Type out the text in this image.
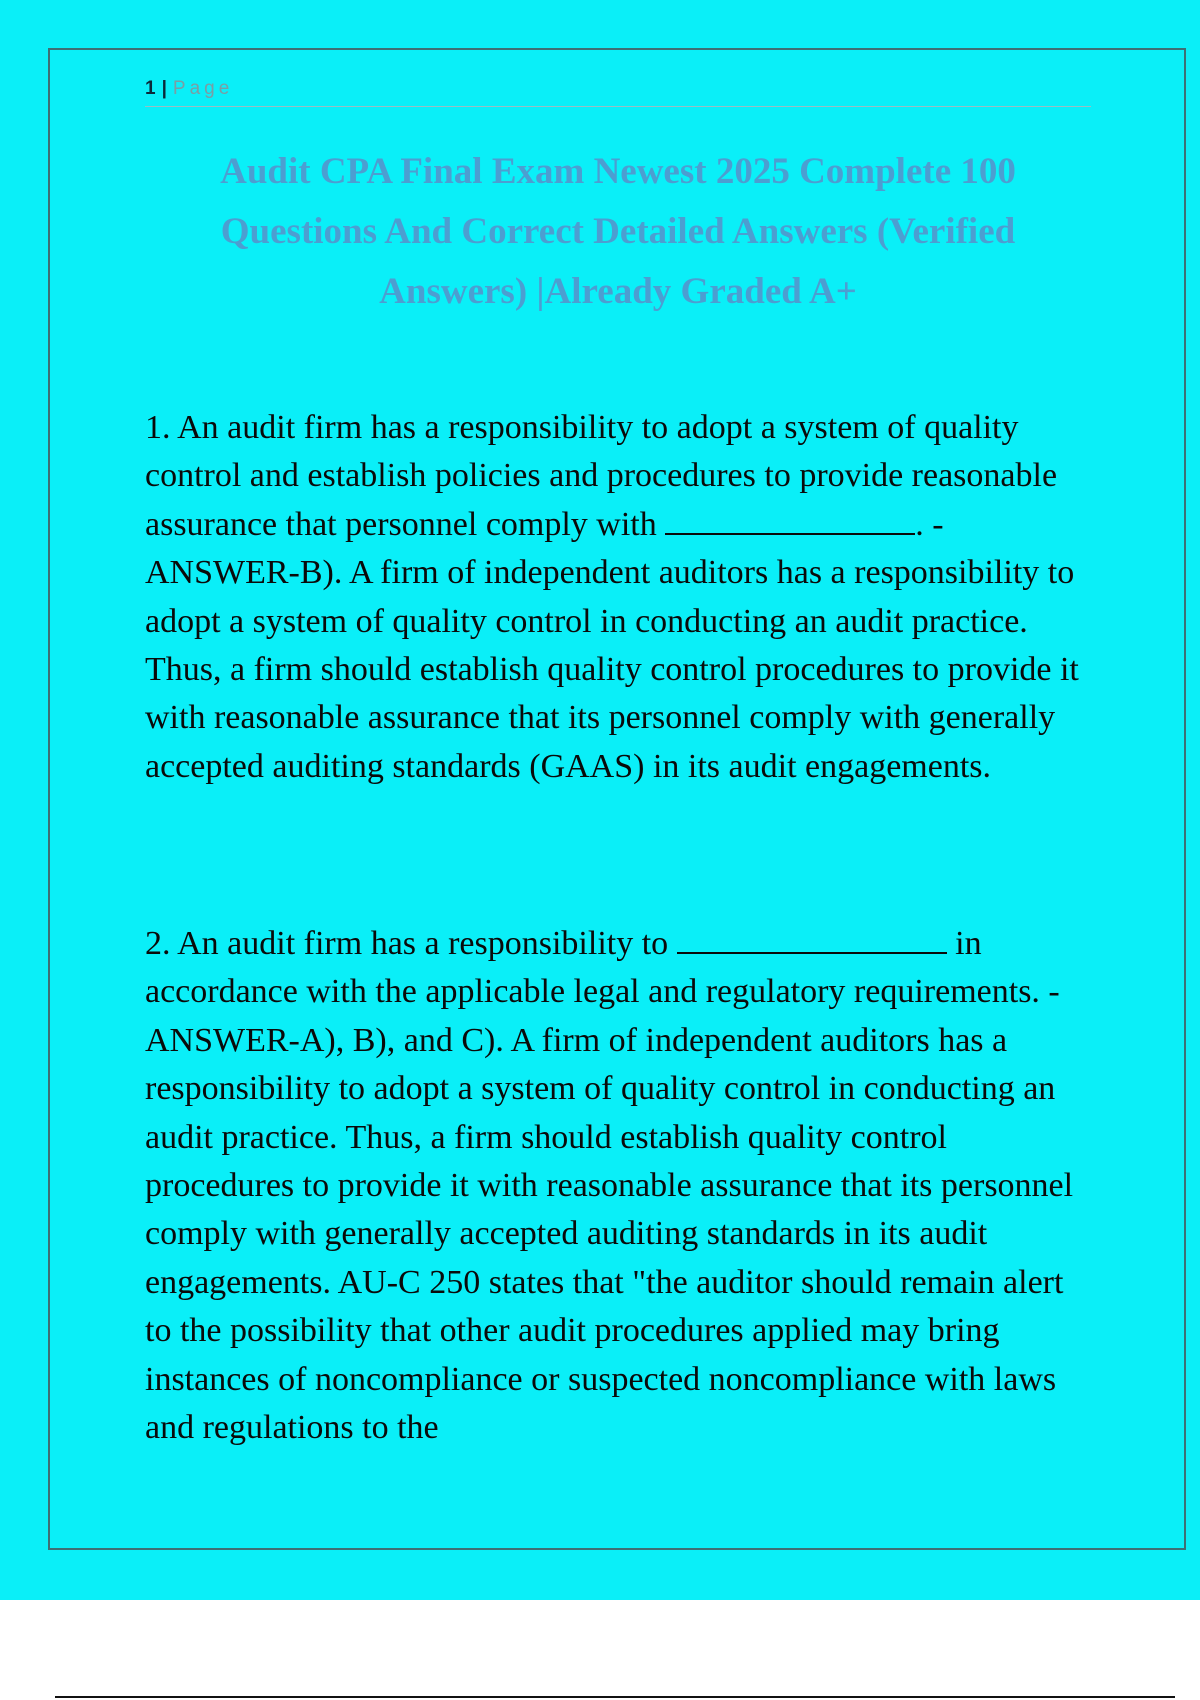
1 | Page
Audit CPA Final Exam Newest 2025 Complete 100 Questions And Correct Detailed Answers (Verified Answers) |Already Graded A+
1. An audit firm has a responsibility to adopt a system of quality control and establish policies and procedures to provide reasonable assurance that personnel comply with	. - ANSWER-B). A firm of independent auditors has a responsibility to adopt a system of quality control in conducting an audit practice. Thus, a firm should establish quality control procedures to provide it with reasonable assurance that its personnel comply with generally accepted auditing standards (GAAS) in its audit engagements.
2. An audit firm has a responsibility to	in accordance with the applicable legal and regulatory requirements. - ANSWER-A), B), and C). A firm of independent auditors has a responsibility to adopt a system of quality control in conducting an audit practice. Thus, a firm should establish quality control procedures to provide it with reasonable assurance that its personnel comply with generally accepted auditing standards in its audit engagements. AU-C 250 states that "the auditor should remain alert to the possibility that other audit procedures applied may bring instances of noncompliance or suspected noncompliance with laws and regulations to the
